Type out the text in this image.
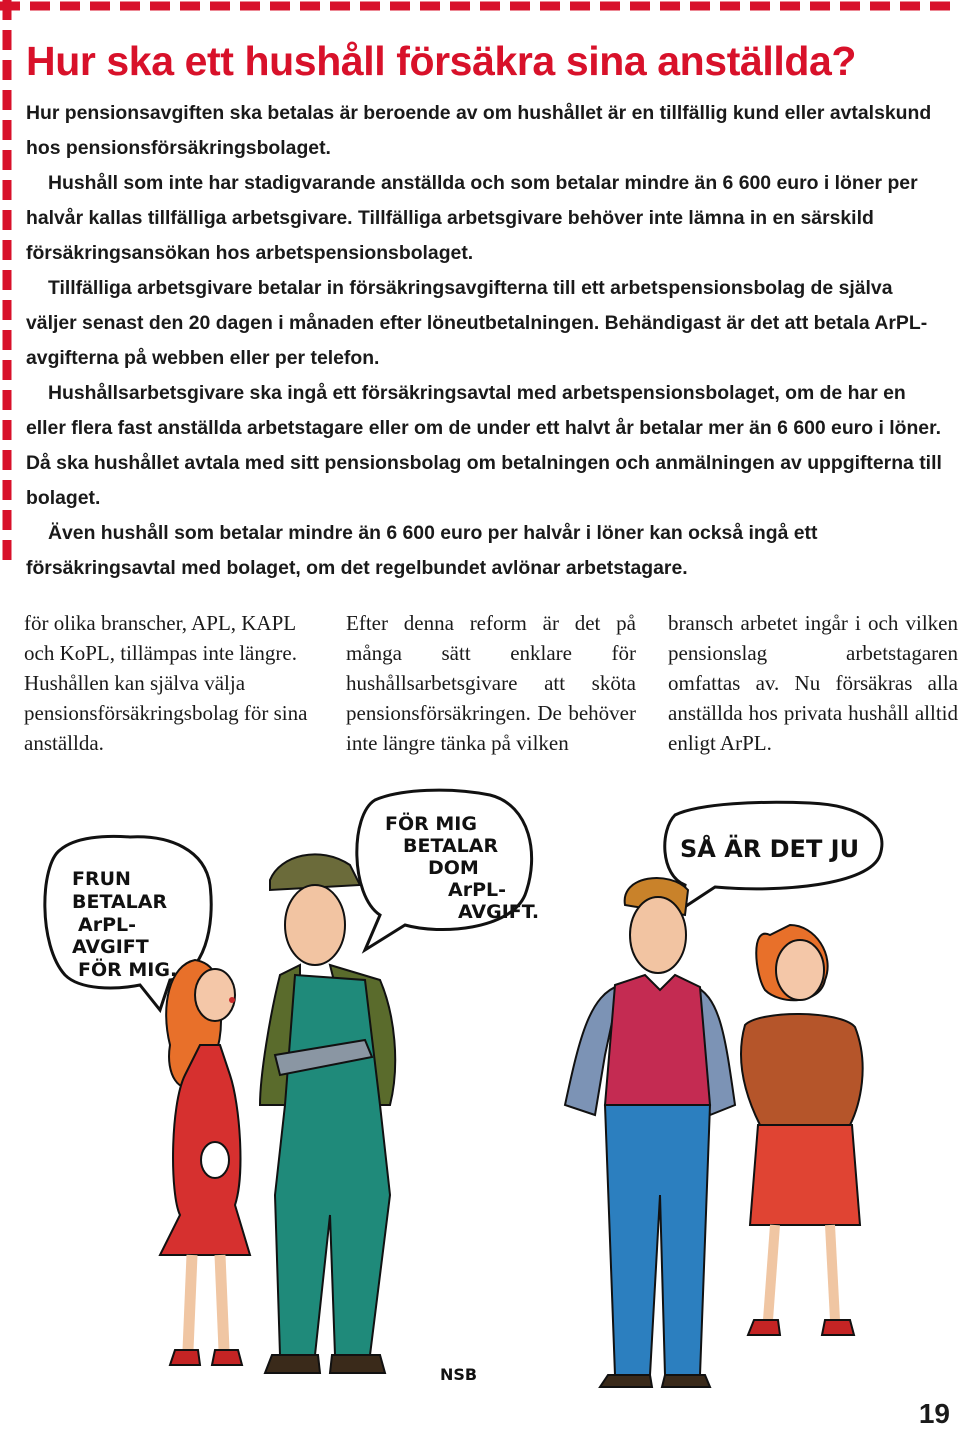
Hur ska ett hushåll försäkra sina anställda?

Hur pensionsavgiften ska betalas är beroende av om hushållet är en tillfällig kund eller avtalskund hos pensionsförsäkringsbolaget.

Hushåll som inte har stadigvarande anställda och som betalar mindre än 6 600 euro i löner per halvår kallas tillfälliga arbetsgivare. Tillfälliga arbetsgivare behöver inte lämna in en särskild försäkringsansökan hos arbetspensionsbolaget.

Tillfälliga arbetsgivare betalar in försäkringsavgifterna till ett arbetspensionsbolag de själva väljer senast den 20 dagen i månaden efter löneutbetalningen. Behändigast är det att betala ArPL-avgifterna på webben eller per telefon.

Hushållsarbetsgivare ska ingå ett försäkringsavtal med arbetspensionsbolaget, om de har en eller flera fast anställda arbetstagare eller om de under ett halvt år betalar mer än 6 600 euro i löner. Då ska hushållet avtala med sitt pensionsbolag om betalningen och anmälningen av uppgifterna till bolaget.

Även hushåll som betalar mindre än 6 600 euro per halvår i löner kan också ingå ett försäkringsavtal med bolaget, om det regelbundet avlönar arbetstagare.

för olika branscher, APL, KAPL och KoPL, tillämpas inte längre. Hushållen kan själva välja pensionsförsäkringsbolag för sina anställda.

Efter denna reform är det på många sätt enklare för hushållsarbetsgivare att sköta pensionsförsäkringen. De behöver inte längre tänka på vilken

bransch arbetet ingår i och vilken pensionslag arbetstagaren omfattas av. Nu försäkras alla anställda hos privata hushåll alltid enligt ArPL.

FRUN
BETALAR
ArPL-
AVGIFT
FÖR MIG.
FÖR MIG
BETALAR
DOM
ArPL-
AVGIFT.
SÅ ÄR DET JU
NSB
19
